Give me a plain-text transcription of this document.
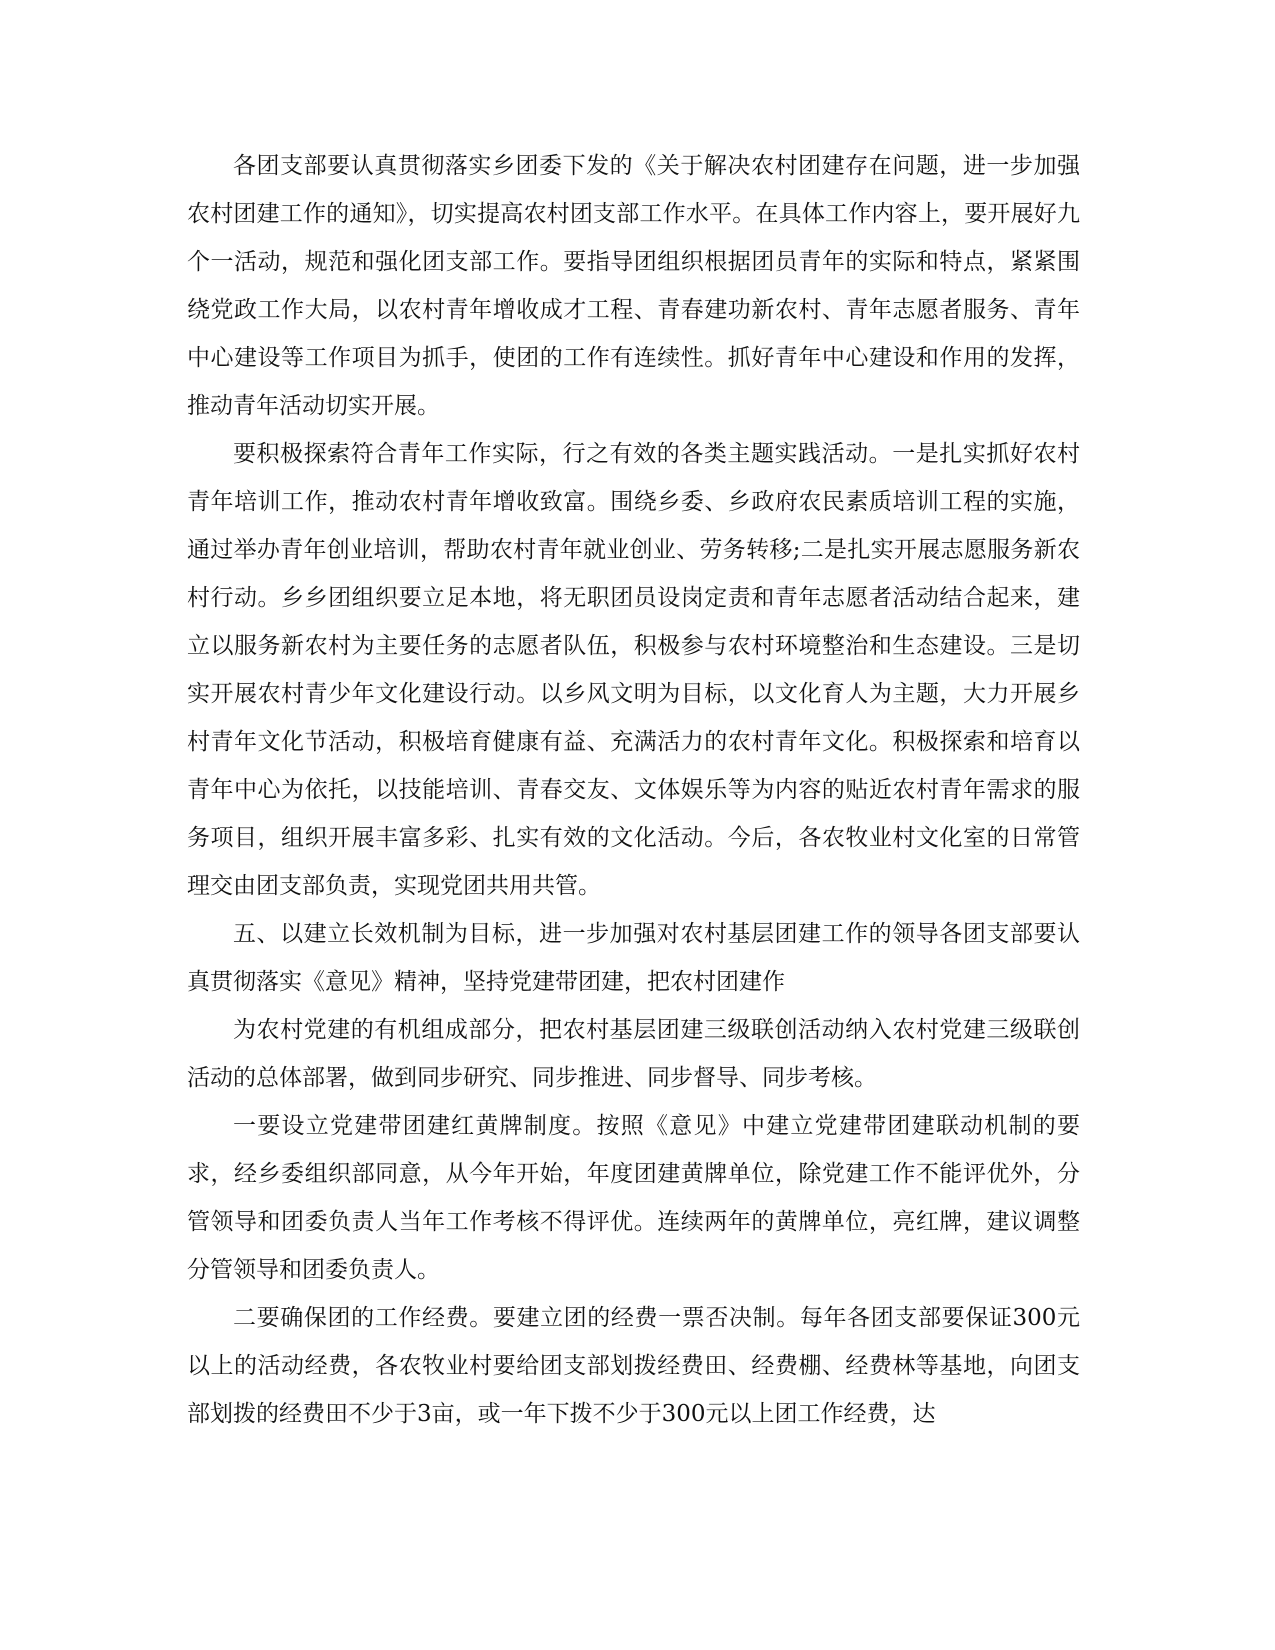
各团支部要认真贯彻落实乡团委下发的《关于解决农村团建存在问题，进一步加强农村团建工作的通知》，切实提高农村团支部工作水平。在具体工作内容上，要开展好九个一活动，规范和强化团支部工作。要指导团组织根据团员青年的实际和特点，紧紧围绕党政工作大局，以农村青年增收成才工程、青春建功新农村、青年志愿者服务、青年中心建设等工作项目为抓手，使团的工作有连续性。抓好青年中心建设和作用的发挥，推动青年活动切实开展。

要积极探索符合青年工作实际，行之有效的各类主题实践活动。一是扎实抓好农村青年培训工作，推动农村青年增收致富。围绕乡委、乡政府农民素质培训工程的实施，通过举办青年创业培训，帮助农村青年就业创业、劳务转移;二是扎实开展志愿服务新农村行动。乡乡团组织要立足本地，将无职团员设岗定责和青年志愿者活动结合起来，建立以服务新农村为主要任务的志愿者队伍，积极参与农村环境整治和生态建设。三是切实开展农村青少年文化建设行动。以乡风文明为目标，以文化育人为主题，大力开展乡村青年文化节活动，积极培育健康有益、充满活力的农村青年文化。积极探索和培育以青年中心为依托，以技能培训、青春交友、文体娱乐等为内容的贴近农村青年需求的服务项目，组织开展丰富多彩、扎实有效的文化活动。今后，各农牧业村文化室的日常管理交由团支部负责，实现党团共用共管。

五、以建立长效机制为目标，进一步加强对农村基层团建工作的领导各团支部要认真贯彻落实《意见》精神，坚持党建带团建，把农村团建作

为农村党建的有机组成部分，把农村基层团建三级联创活动纳入农村党建三级联创活动的总体部署，做到同步研究、同步推进、同步督导、同步考核。

一要设立党建带团建红黄牌制度。按照《意见》中建立党建带团建联动机制的要求，经乡委组织部同意，从今年开始，年度团建黄牌单位，除党建工作不能评优外，分管领导和团委负责人当年工作考核不得评优。连续两年的黄牌单位，亮红牌，建议调整分管领导和团委负责人。

二要确保团的工作经费。要建立团的经费一票否决制。每年各团支部要保证300元以上的活动经费，各农牧业村要给团支部划拨经费田、经费棚、经费林等基地，向团支部划拨的经费田不少于3亩，或一年下拨不少于300元以上团工作经费，达
